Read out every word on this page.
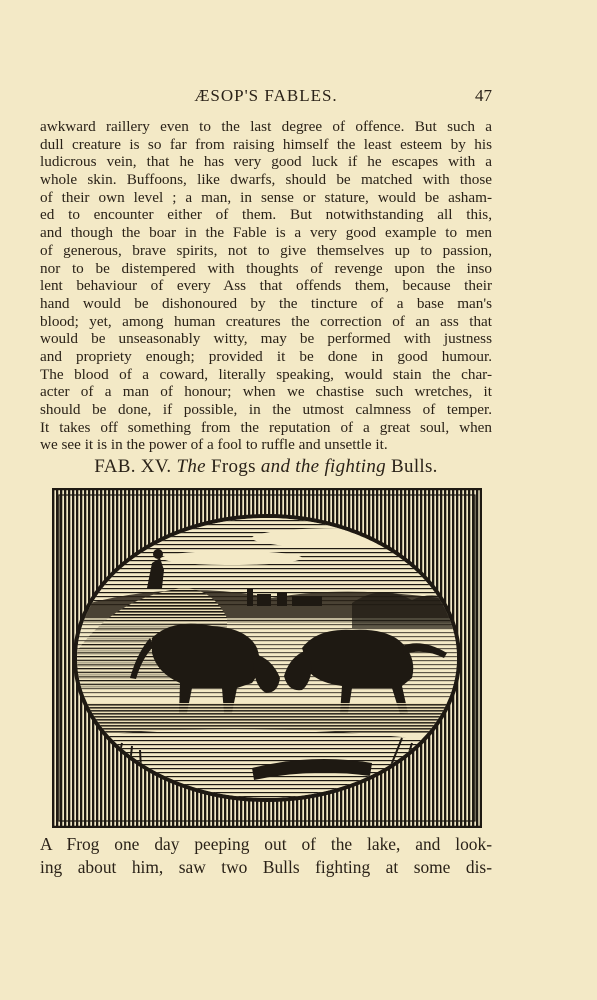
ÆSOP'S FABLES.	47
awkward raillery even to the last degree of offence. But such a
dull creature is so far from raising himself the least esteem by his
ludicrous vein, that he has very good luck if he escapes with a
whole skin. Buffoons, like dwarfs, should be matched with those
of their own level ; a man, in sense or stature, would be asham-
ed to encounter either of them. But notwithstanding all this,
and though the boar in the Fable is a very good example to men
of generous, brave spirits, not to give themselves up to passion,
nor to be distempered with thoughts of revenge upon the inso
lent behaviour of every Ass that offends them, because their
hand would be dishonoured by the tincture of a base man's
blood; yet, among human creatures the correction of an ass that
would be unseasonably witty, may be performed with justness
and propriety enough; provided it be done in good humour.
The blood of a coward, literally speaking, would stain the char-
acter of a man of honour; when we chastise such wretches, it
should be done, if possible, in the utmost calmness of temper.
It takes off something from the reputation of a great soul, when
we see it is in the power of a fool to ruffle and unsettle it.
FAB. XV. The Frogs and the fighting Bulls.
A Frog one day peeping out of the lake, and look-
ing about him, saw two Bulls fighting at some dis-
